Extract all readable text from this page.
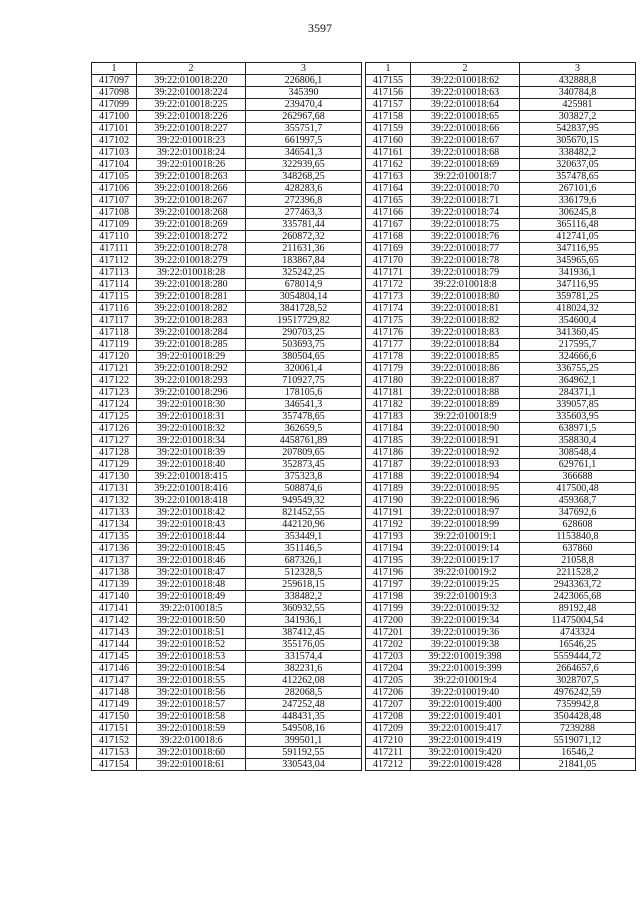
3597
1	2	3
417097	39:22:010018:220	226806,1
417098	39:22:010018:224	345390
417099	39:22:010018:225	239470,4
417100	39:22:010018:226	262967,68
417101	39:22:010018:227	355751,7
417102	39:22:010018:23	661997,5
417103	39:22:010018:24	346541,3
417104	39:22:010018:26	322939,65
417105	39:22:010018:263	348268,25
417106	39:22:010018:266	428283,6
417107	39:22:010018:267	272396,8
417108	39:22:010018:268	277463,3
417109	39:22:010018:269	335781,44
417110	39:22:010018:272	260872,32
417111	39:22:010018:278	211631,36
417112	39:22:010018:279	183867,84
417113	39:22:010018:28	325242,25
417114	39:22:010018:280	678014,9
417115	39:22:010018:281	3054804,14
417116	39:22:010018:282	3841728,52
417117	39:22:010018:283	19517729,82
417118	39:22:010018:284	290703,25
417119	39:22:010018:285	503693,75
417120	39:22:010018:29	380504,65
417121	39:22:010018:292	320061,4
417122	39:22:010018:293	710927,75
417123	39:22:010018:296	178105,6
417124	39:22:010018:30	346541,3
417125	39:22:010018:31	357478,65
417126	39:22:010018:32	362659,5
417127	39:22:010018:34	4458761,89
417128	39:22:010018:39	207809,65
417129	39:22:010018:40	352873,45
417130	39:22:010018:415	375323,8
417131	39:22:010018:416	508874,6
417132	39:22:010018:418	949549,32
417133	39:22:010018:42	821452,55
417134	39:22:010018:43	442120,96
417135	39:22:010018:44	353449,1
417136	39:22:010018:45	351146,5
417137	39:22:010018:46	687326,1
417138	39:22:010018:47	512328,5
417139	39:22:010018:48	259618,15
417140	39:22:010018:49	338482,2
417141	39:22:010018:5	360932,55
417142	39:22:010018:50	341936,1
417143	39:22:010018:51	387412,45
417144	39:22:010018:52	355176,05
417145	39:22:010018:53	331574,4
417146	39:22:010018:54	382231,6
417147	39:22:010018:55	412262,08
417148	39:22:010018:56	282068,5
417149	39:22:010018:57	247252,48
417150	39:22:010018:58	448431,35
417151	39:22:010018:59	549508,16
417152	39:22:010018:6	399501,1
417153	39:22:010018:60	591192,55
417154	39:22:010018:61	330543,04
1	2	3
417155	39:22:010018:62	432888,8
417156	39:22:010018:63	340784,8
417157	39:22:010018:64	425981
417158	39:22:010018:65	303827,2
417159	39:22:010018:66	542837,95
417160	39:22:010018:67	305670,15
417161	39:22:010018:68	338482,2
417162	39:22:010018:69	320637,05
417163	39:22:010018:7	357478,65
417164	39:22:010018:70	267101,6
417165	39:22:010018:71	336179,6
417166	39:22:010018:74	306245,8
417167	39:22:010018:75	365116,48
417168	39:22:010018:76	412741,05
417169	39:22:010018:77	347116,95
417170	39:22:010018:78	345965,65
417171	39:22:010018:79	341936,1
417172	39:22:010018:8	347116,95
417173	39:22:010018:80	359781,25
417174	39:22:010018:81	418024,32
417175	39:22:010018:82	354600,4
417176	39:22:010018:83	341360,45
417177	39:22:010018:84	217595,7
417178	39:22:010018:85	324666,6
417179	39:22:010018:86	336755,25
417180	39:22:010018:87	364962,1
417181	39:22:010018:88	284371,1
417182	39:22:010018:89	339057,85
417183	39:22:010018:9	335603,95
417184	39:22:010018:90	638971,5
417185	39:22:010018:91	358830,4
417186	39:22:010018:92	308548,4
417187	39:22:010018:93	629761,1
417188	39:22:010018:94	366688
417189	39:22:010018:95	417500,48
417190	39:22:010018:96	459368,7
417191	39:22:010018:97	347692,6
417192	39:22:010018:99	628608
417193	39:22:010019:1	1153840,8
417194	39:22:010019:14	637860
417195	39:22:010019:17	21058,8
417196	39:22:010019:2	2211528,2
417197	39:22:010019:25	2943363,72
417198	39:22:010019:3	2423065,68
417199	39:22:010019:32	89192,48
417200	39:22:010019:34	11475004,54
417201	39:22:010019:36	4743324
417202	39:22:010019:38	16546,25
417203	39:22:010019:398	5559444,72
417204	39:22:010019:399	2664657,6
417205	39:22:010019:4	3028707,5
417206	39:22:010019:40	4976242,59
417207	39:22:010019:400	7359942,8
417208	39:22:010019:401	3504428,48
417209	39:22:010019:417	7239288
417210	39:22:010019:419	5519071,12
417211	39:22:010019:420	16546,2
417212	39:22:010019:428	21841,05
